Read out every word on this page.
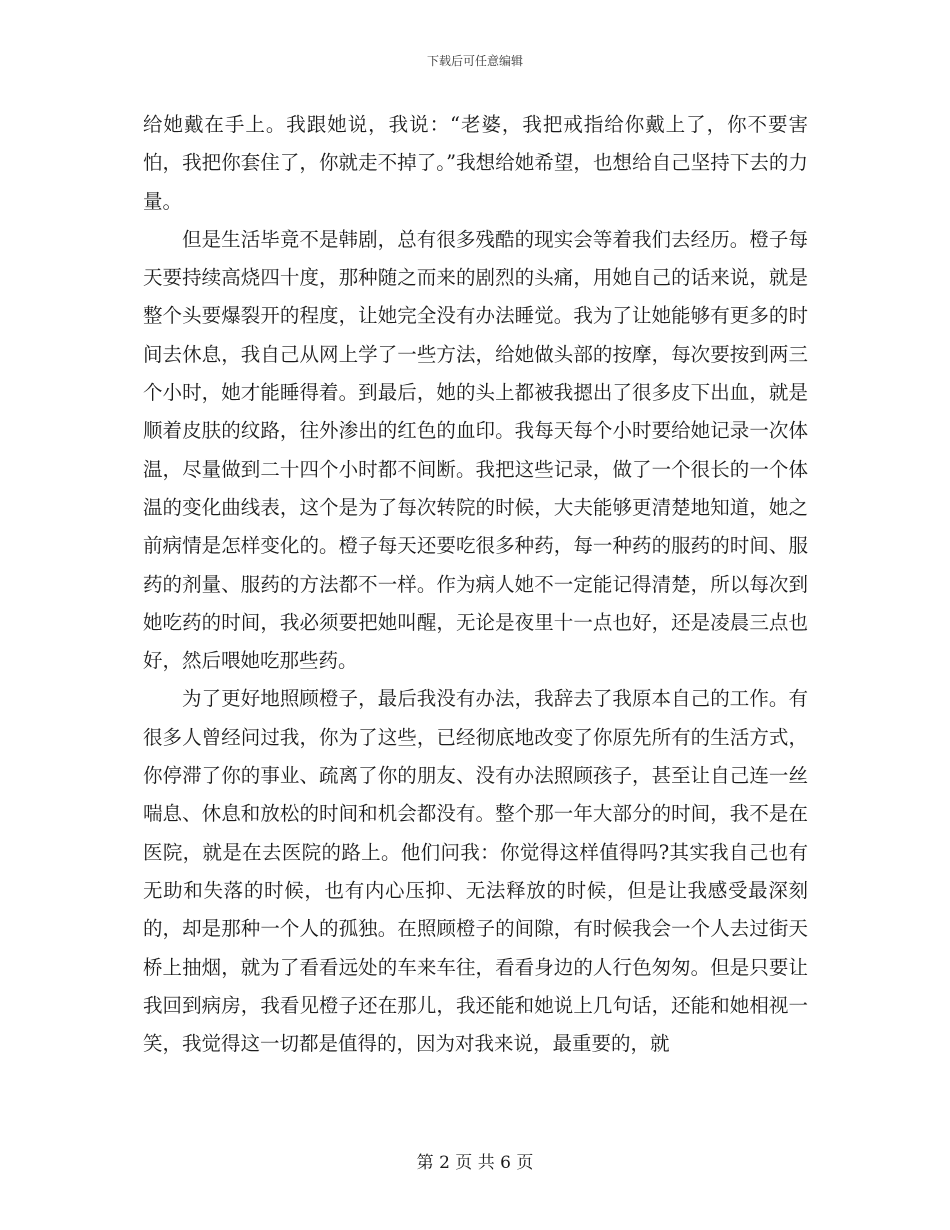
下载后可任意编辑

给她戴在手上。我跟她说，我说：“老婆，我把戒指给你戴上了，你不要害怕，我把你套住了，你就走不掉了。”我想给她希望，也想给自己坚持下去的力量。

但是生活毕竟不是韩剧，总有很多残酷的现实会等着我们去经历。橙子每天要持续高烧四十度，那种随之而来的剧烈的头痛，用她自己的话来说，就是整个头要爆裂开的程度，让她完全没有办法睡觉。我为了让她能够有更多的时间去休息，我自己从网上学了一些方法，给她做头部的按摩，每次要按到两三个小时，她才能睡得着。到最后，她的头上都被我摁出了很多皮下出血，就是顺着皮肤的纹路，往外渗出的红色的血印。我每天每个小时要给她记录一次体温，尽量做到二十四个小时都不间断。我把这些记录，做了一个很长的一个体温的变化曲线表，这个是为了每次转院的时候，大夫能够更清楚地知道，她之前病情是怎样变化的。橙子每天还要吃很多种药，每一种药的服药的时间、服药的剂量、服药的方法都不一样。作为病人她不一定能记得清楚，所以每次到她吃药的时间，我必须要把她叫醒，无论是夜里十一点也好，还是凌晨三点也好，然后喂她吃那些药。

为了更好地照顾橙子，最后我没有办法，我辞去了我原本自己的工作。有很多人曾经问过我，你为了这些，已经彻底地改变了你原先所有的生活方式，你停滞了你的事业、疏离了你的朋友、没有办法照顾孩子，甚至让自己连一丝喘息、休息和放松的时间和机会都没有。整个那一年大部分的时间，我不是在医院，就是在去医院的路上。他们问我：你觉得这样值得吗?其实我自己也有无助和失落的时候，也有内心压抑、无法释放的时候，但是让我感受最深刻的，却是那种一个人的孤独。在照顾橙子的间隙，有时候我会一个人去过街天桥上抽烟，就为了看看远处的车来车往，看看身边的人行色匆匆。但是只要让我回到病房，我看见橙子还在那儿，我还能和她说上几句话，还能和她相视一笑，我觉得这一切都是值得的，因为对我来说，最重要的，就

第 2 页 共 6 页
